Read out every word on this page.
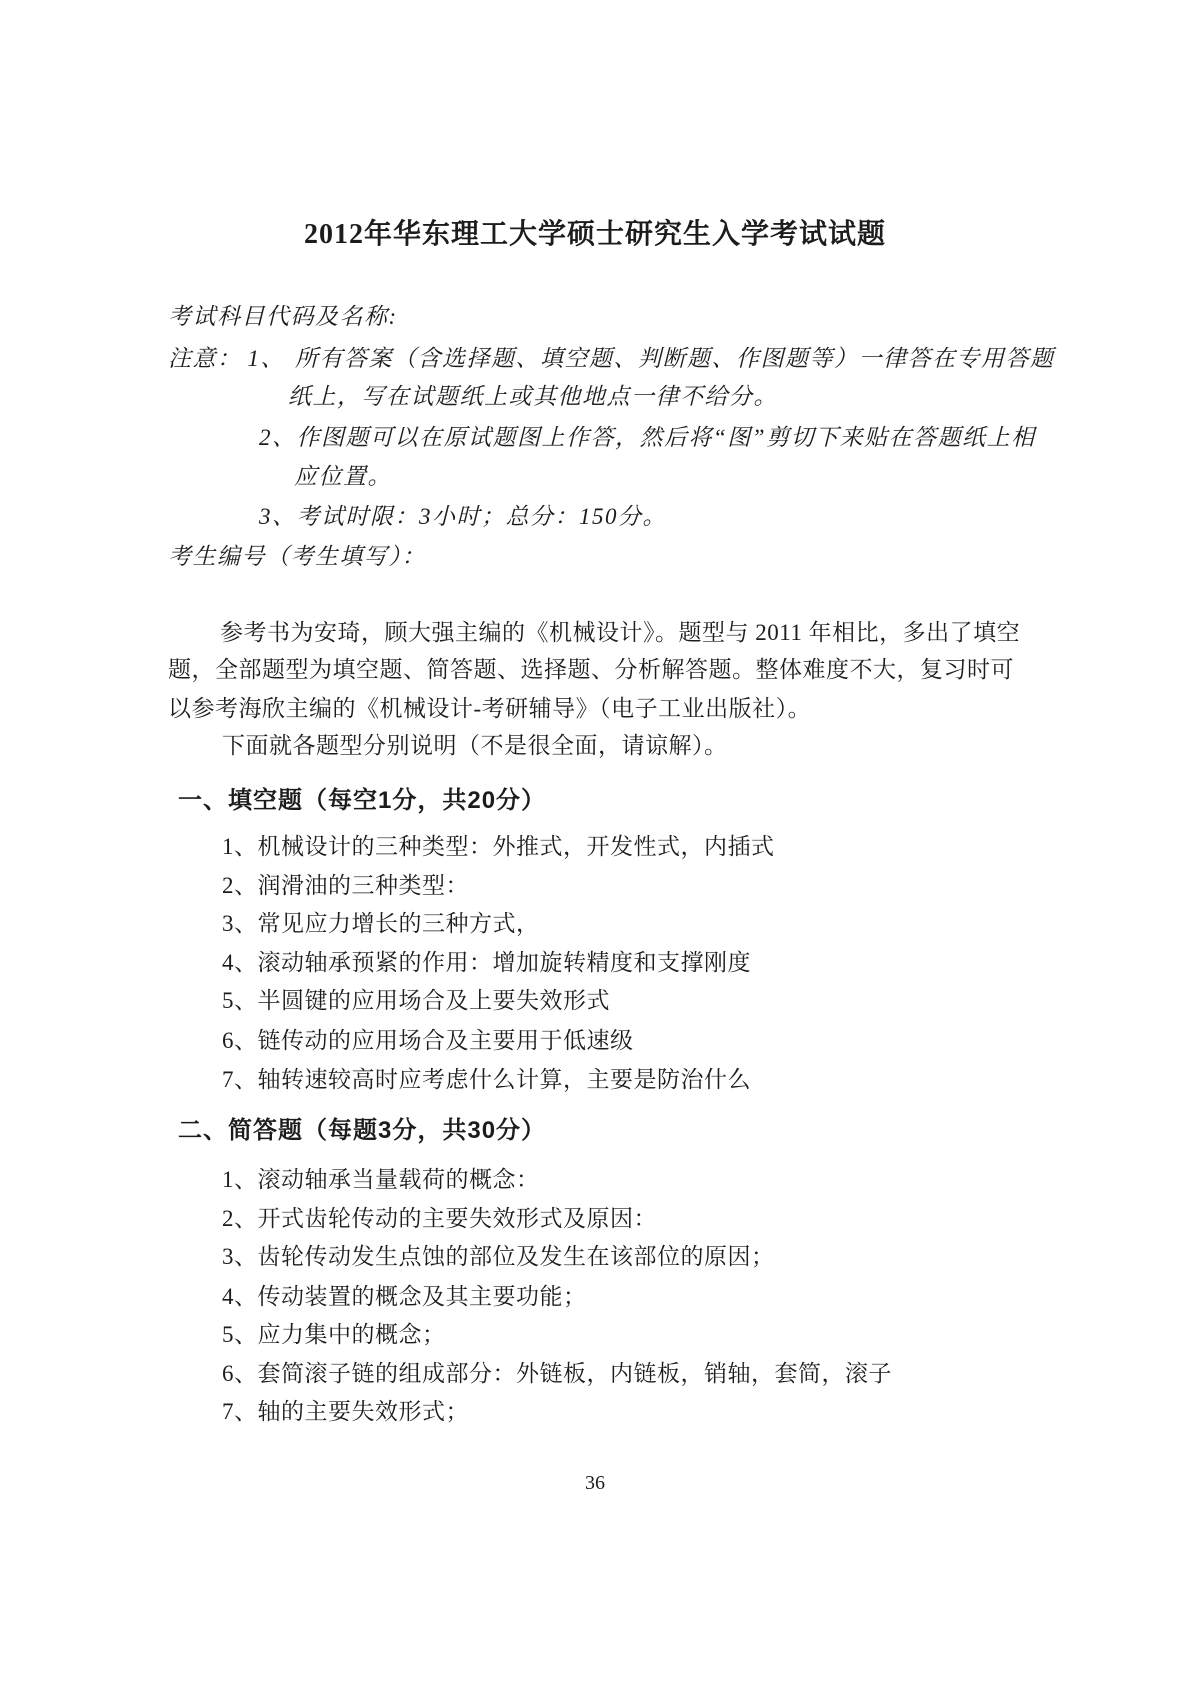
2012年华东理工大学硕士研究生入学考试试题
考试科目代码及名称:
注意： 1、 所有答案（含选择题、填空题、判断题、作图题等）一律答在专用答题
纸上，写在试题纸上或其他地点一律不给分。
2、作图题可以在原试题图上作答，然后将“图”剪切下来贴在答题纸上相
应位置。
3、考试时限：3小时；总分：150分。
考生编号（考生填写）：
参考书为安琦，顾大强主编的《机械设计》。题型与 2011 年相比，多出了填空
题，全部题型为填空题、简答题、选择题、分析解答题。整体难度不大，复习时可
以参考海欣主编的《机械设计-考研辅导》（电子工业出版社）。
下面就各题型分别说明（不是很全面，请谅解）。
一、填空题（每空1分，共20分）
1、机械设计的三种类型：外推式，开发性式，内插式
2、润滑油的三种类型：
3、常见应力增长的三种方式，
4、滚动轴承预紧的作用：增加旋转精度和支撑刚度
5、半圆键的应用场合及上要失效形式
6、链传动的应用场合及主要用于低速级
7、轴转速较高时应考虑什么计算，主要是防治什么
二、简答题（每题3分，共30分）
1、滚动轴承当量载荷的概念：
2、开式齿轮传动的主要失效形式及原因：
3、齿轮传动发生点蚀的部位及发生在该部位的原因；
4、传动装置的概念及其主要功能；
5、应力集中的概念；
6、套简滚子链的组成部分：外链板，内链板，销轴，套简，滚子
7、轴的主要失效形式；
36
